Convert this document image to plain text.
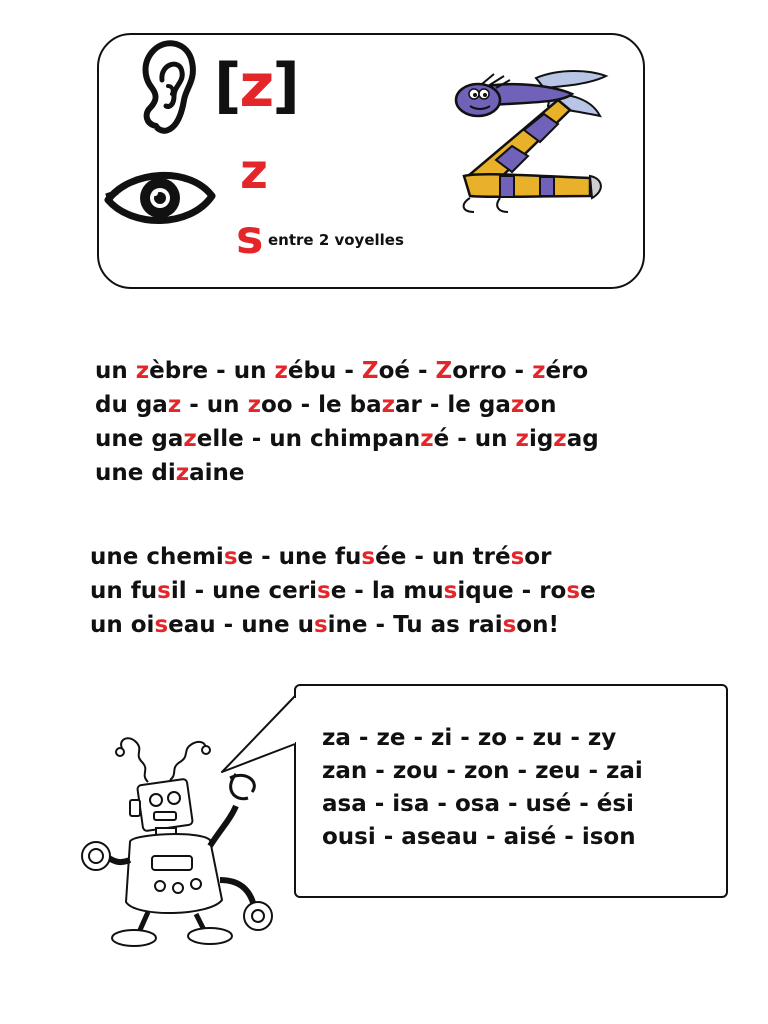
[z]
z
s entre 2 voyelles
un zèbre - un zébu - Zoé - Zorro - zéro
du gaz - un zoo - le bazar - le gazon
une gazelle - un chimpanzé - un zigzag
une dizaine
une chemise - une fusée - un trésor
un fusil - une cerise - la musique - rose
un oiseau - une usine - Tu as raison!
za - ze - zi - zo - zu - zy
zan - zou - zon - zeu - zai
asa - isa - osa - usé - ési
ousi - aseau - aisé - ison
